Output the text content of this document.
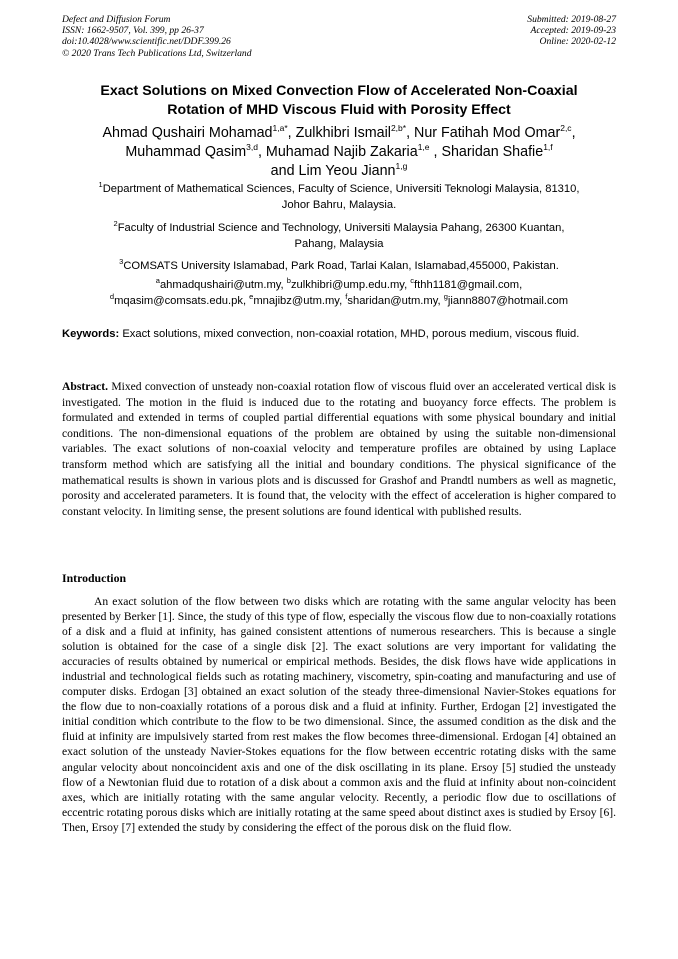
Defect and Diffusion Forum
ISSN: 1662-9507, Vol. 399, pp 26-37
doi:10.4028/www.scientific.net/DDF.399.26
© 2020 Trans Tech Publications Ltd, Switzerland
Submitted: 2019-08-27
Accepted: 2019-09-23
Online: 2020-02-12
Exact Solutions on Mixed Convection Flow of Accelerated Non-Coaxial
Rotation of MHD Viscous Fluid with Porosity Effect
Ahmad Qushairi Mohamad$^{1,a*}$, Zulkhibri Ismail$^{2,b*}$, Nur Fatihah Mod Omar$^{2,c}$,
Muhammad Qasim$^{3,d}$, Muhamad Najib Zakaria$^{1,e}$ , Sharidan Shafie$^{1,f}$
and Lim Yeou Jiann$^{1,g}$
$^1$Department of Mathematical Sciences, Faculty of Science, Universiti Teknologi Malaysia, 81310,
Johor Bahru, Malaysia.
$^2$Faculty of Industrial Science and Technology, Universiti Malaysia Pahang, 26300 Kuantan,
Pahang, Malaysia
$^3$COMSATS University Islamabad, Park Road, Tarlai Kalan, Islamabad,455000, Pakistan.
$^a$ahmadqushairi@utm.my, $^b$zulkhibri@ump.edu.my, $^c$fthh1181@gmail.com,
$^d$mqasim@comsats.edu.pk, $^e$mnajibz@utm.my, $^f$sharidan@utm.my, $^g$jiann8807@hotmail.com
Keywords: Exact solutions, mixed convection, non-coaxial rotation, MHD, porous medium, viscous fluid.
Abstract. Mixed convection of unsteady non-coaxial rotation flow of viscous fluid over an accelerated vertical disk is investigated. The motion in the fluid is induced due to the rotating and buoyancy force effects. The problem is formulated and extended in terms of coupled partial differential equations with some physical boundary and initial conditions. The non-dimensional equations of the problem are obtained by using the suitable non-dimensional variables. The exact solutions of non-coaxial velocity and temperature profiles are obtained by using Laplace transform method which are satisfying all the initial and boundary conditions. The physical significance of the mathematical results is shown in various plots and is discussed for Grashof and Prandtl numbers as well as magnetic, porosity and accelerated parameters. It is found that, the velocity with the effect of acceleration is higher compared to constant velocity. In limiting sense, the present solutions are found identical with published results.
Introduction
An exact solution of the flow between two disks which are rotating with the same angular velocity has been presented by Berker [1]. Since, the study of this type of flow, especially the viscous flow due to non-coaxially rotations of a disk and a fluid at infinity, has gained consistent attentions of numerous researchers. This is because a single solution is obtained for the case of a single disk [2]. The exact solutions are very important for validating the accuracies of results obtained by numerical or empirical methods. Besides, the disk flows have wide applications in industrial and technological fields such as rotating machinery, viscometry, spin-coating and manufacturing and use of computer disks. Erdogan [3] obtained an exact solution of the steady three-dimensional Navier-Stokes equations for the flow due to non-coaxially rotations of a porous disk and a fluid at infinity. Further, Erdogan [2] investigated the initial condition which contribute to the flow to be two dimensional. Since, the assumed condition as the disk and the fluid at infinity are impulsively started from rest makes the flow becomes three-dimensional. Erdogan [4] obtained an exact solution of the unsteady Navier-Stokes equations for the flow between eccentric rotating disks with the same angular velocity about noncoincident axis and one of the disk oscillating in its plane. Ersoy [5] studied the unsteady flow of a Newtonian fluid due to rotation of a disk about a common axis and the fluid at infinity about non-coincident axes, which are initially rotating with the same angular velocity. Recently, a periodic flow due to oscillations of eccentric rotating porous disks which are initially rotating at the same speed about distinct axes is studied by Ersoy [6]. Then, Ersoy [7] extended the study by considering the effect of the porous disk on the fluid flow.
